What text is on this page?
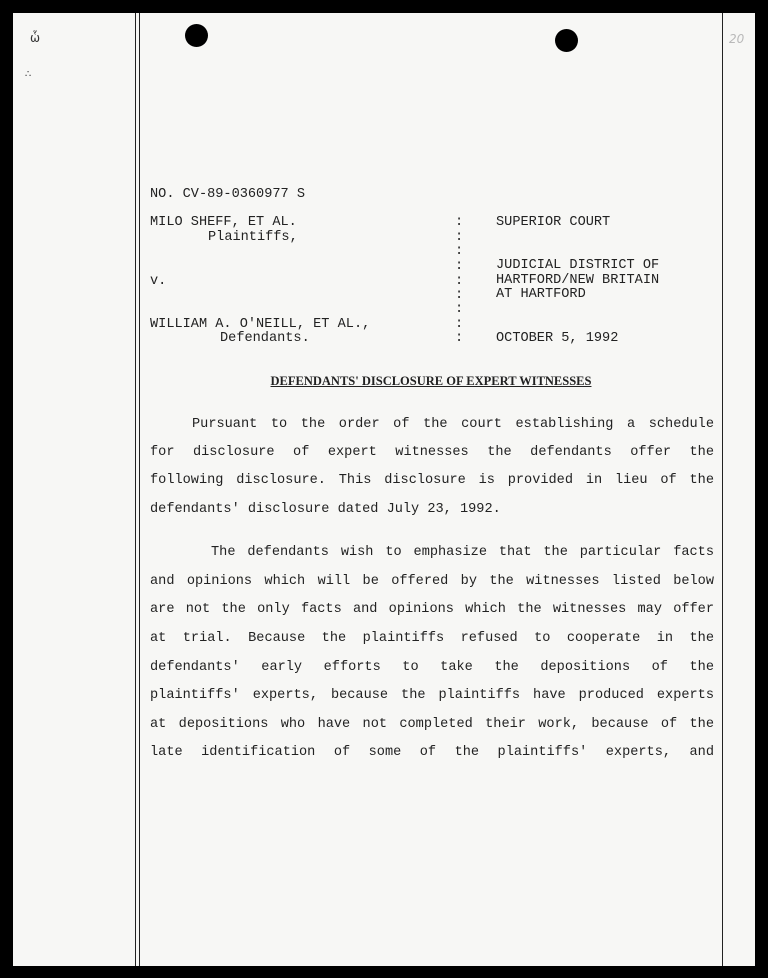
ὧ
∴
20
NO. CV-89-0360977 S
MILO SHEFF, ET AL.
Plaintiffs,
v.
WILLIAM A. O'NEILL, ET AL.,
Defendants.
:
:
:
:
:
:
:
:
:
SUPERIOR COURT
JUDICIAL DISTRICT OF
HARTFORD/NEW BRITAIN
AT HARTFORD
OCTOBER 5, 1992
DEFENDANTS' DISCLOSURE OF EXPERT WITNESSES
Pursuant to the order of the court establishing a schedule
for disclosure of expert witnesses the defendants offer the
following disclosure. This disclosure is provided in lieu of the
defendants' disclosure dated July 23, 1992.
The defendants wish to emphasize that the particular facts
and opinions which will be offered by the witnesses listed below
are not the only facts and opinions which the witnesses may offer
at trial. Because the plaintiffs refused to cooperate in the
defendants' early efforts to take the depositions of the
plaintiffs' experts, because the plaintiffs have produced experts
at depositions who have not completed their work, because of the
late identification of some of the plaintiffs' experts, and
